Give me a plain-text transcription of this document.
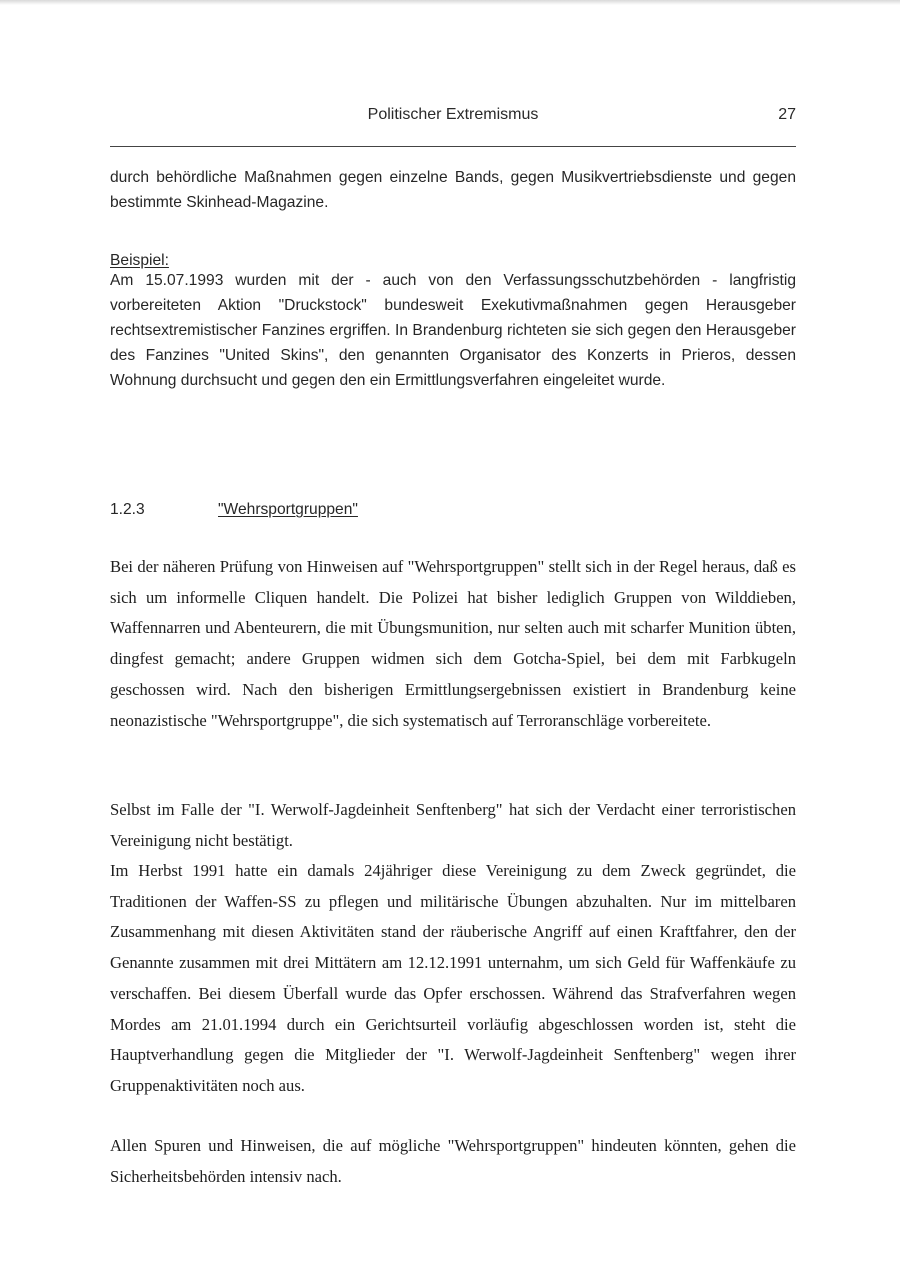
Politischer Extremismus	27

durch behördliche Maßnahmen gegen einzelne Bands, gegen Musikvertriebsdienste und gegen bestimmte Skinhead-Magazine.

Beispiel:

Am 15.07.1993 wurden mit der - auch von den Verfassungsschutzbehörden - langfristig vorbereiteten Aktion "Druckstock" bundesweit Exekutivmaßnahmen gegen Herausgeber rechtsextremistischer Fanzines ergriffen. In Brandenburg richteten sie sich gegen den Herausgeber des Fanzines "United Skins", den genannten Organisator des Konzerts in Prieros, dessen Wohnung durchsucht und gegen den ein Ermittlungsverfahren eingeleitet wurde.

1.2.3	"Wehrsportgruppen"

Bei der näheren Prüfung von Hinweisen auf "Wehrsportgruppen" stellt sich in der Regel heraus, daß es sich um informelle Cliquen handelt. Die Polizei hat bisher lediglich Gruppen von Wilddieben, Waffennarren und Abenteurern, die mit Übungsmunition, nur selten auch mit scharfer Munition übten, dingfest gemacht; andere Gruppen widmen sich dem Gotcha-Spiel, bei dem mit Farbkugeln geschossen wird. Nach den bisherigen Ermittlungsergebnissen existiert in Brandenburg keine neonazistische "Wehrsportgruppe", die sich systematisch auf Terroranschläge vorbereitete.

Selbst im Falle der "I. Werwolf-Jagdeinheit Senftenberg" hat sich der Verdacht einer terroristischen Vereinigung nicht bestätigt.

Im Herbst 1991 hatte ein damals 24jähriger diese Vereinigung zu dem Zweck gegründet, die Traditionen der Waffen-SS zu pflegen und militärische Übungen abzuhalten. Nur im mittelbaren Zusammenhang mit diesen Aktivitäten stand der räuberische Angriff auf einen Kraftfahrer, den der Genannte zusammen mit drei Mittätern am 12.12.1991 unternahm, um sich Geld für Waffenkäufe zu verschaffen. Bei diesem Überfall wurde das Opfer erschossen. Während das Strafverfahren wegen Mordes am 21.01.1994 durch ein Gerichtsurteil vorläufig abgeschlossen worden ist, steht die Hauptverhandlung gegen die Mitglieder der "I. Werwolf-Jagdeinheit Senftenberg" wegen ihrer Gruppenaktivitäten noch aus.

Allen Spuren und Hinweisen, die auf mögliche "Wehrsportgruppen" hindeuten könnten, gehen die Sicherheitsbehörden intensiv nach.
